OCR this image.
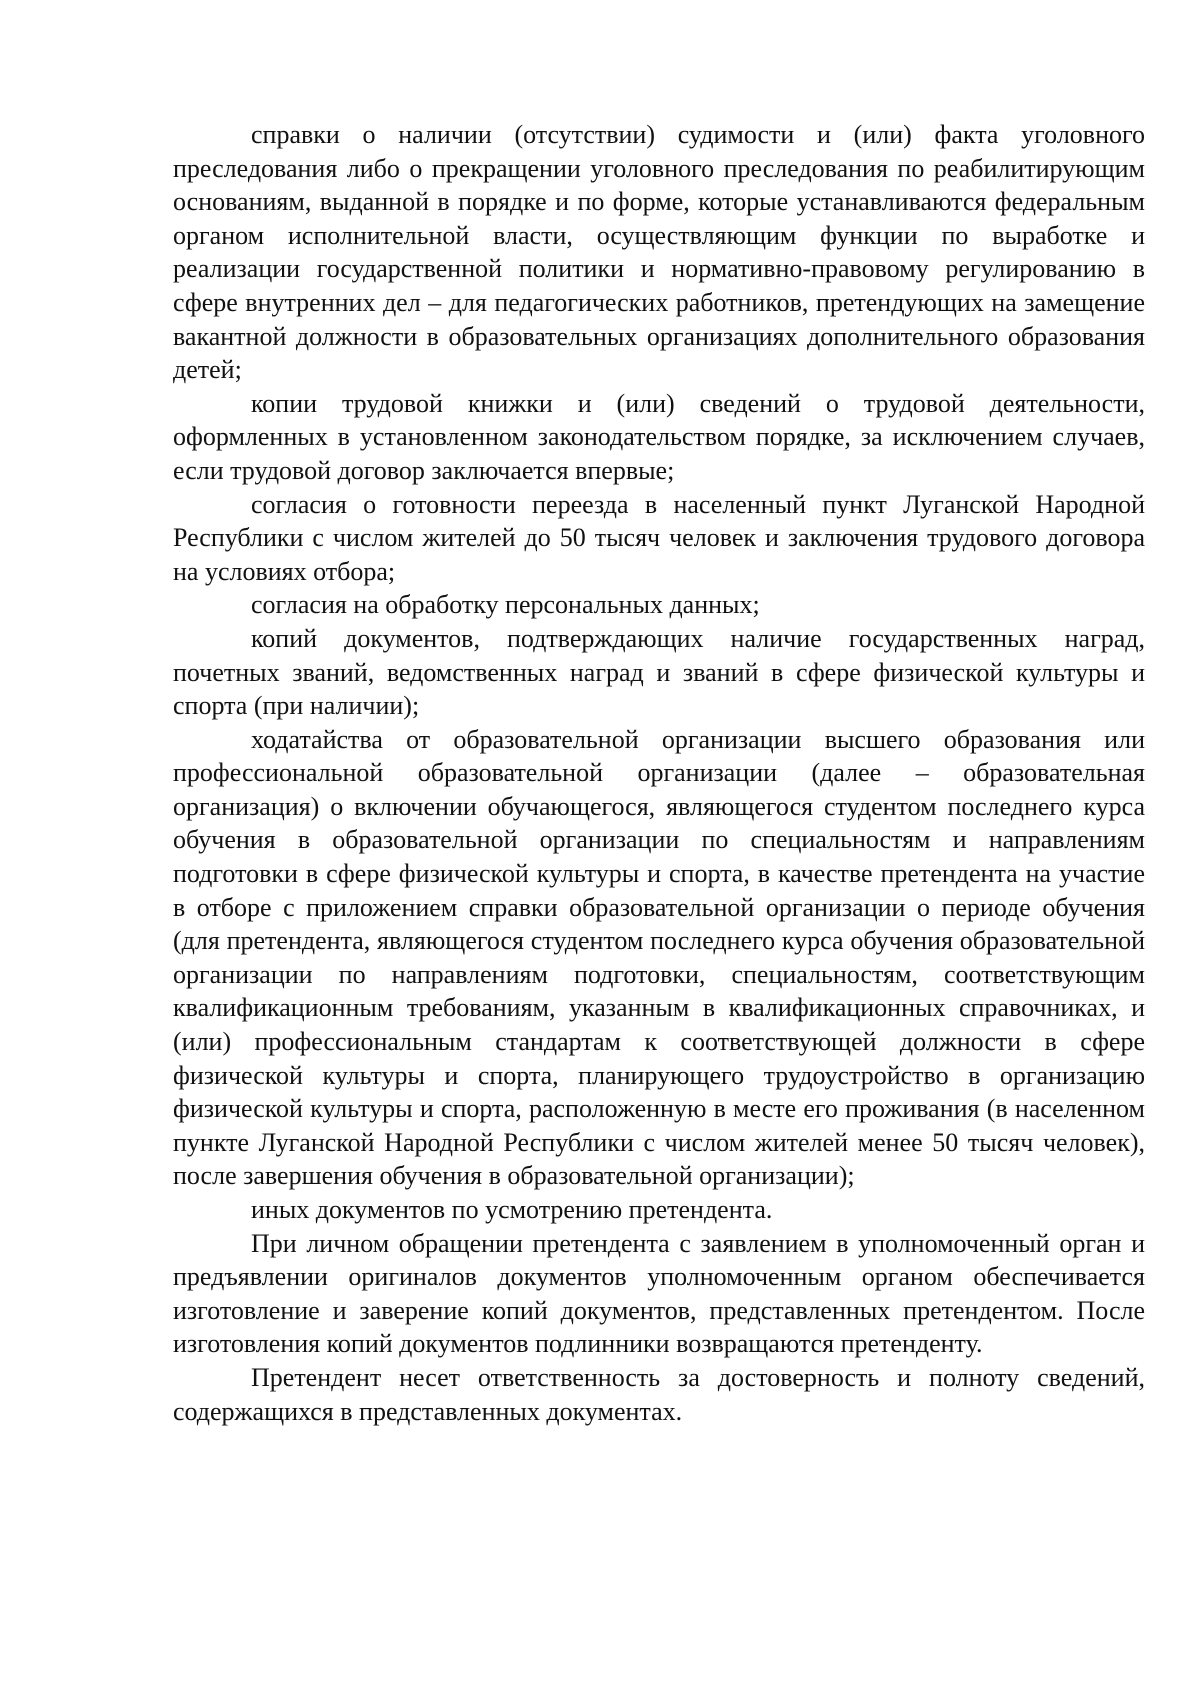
справки о наличии (отсутствии) судимости и (или) факта уголовного преследования либо о прекращении уголовного преследования по реабилитирующим основаниям, выданной в порядке и по форме, которые устанавливаются федеральным органом исполнительной власти, осуществляющим функции по выработке и реализации государственной политики и нормативно-правовому регулированию в сфере внутренних дел – для педагогических работников, претендующих на замещение вакантной должности в образовательных организациях дополнительного образования детей;

копии трудовой книжки и (или) сведений о трудовой деятельности, оформленных в установленном законодательством порядке, за исключением случаев, если трудовой договор заключается впервые;

согласия о готовности переезда в населенный пункт Луганской Народной Республики с числом жителей до 50 тысяч человек и заключения трудового договора на условиях отбора;

согласия на обработку персональных данных;

копий документов, подтверждающих наличие государственных наград, почетных званий, ведомственных наград и званий в сфере физической культуры и спорта (при наличии);

ходатайства от образовательной организации высшего образования или профессиональной образовательной организации (далее – образовательная организация) о включении обучающегося, являющегося студентом последнего курса обучения в образовательной организации по специальностям и направлениям подготовки в сфере физической культуры и спорта, в качестве претендента на участие в отборе с приложением справки образовательной организации о периоде обучения (для претендента, являющегося студентом последнего курса обучения образовательной организации по направлениям подготовки, специальностям, соответствующим квалификационным требованиям, указанным в квалификационных справочниках, и (или) профессиональным стандартам к соответствующей должности в сфере физической культуры и спорта, планирующего трудоустройство в организацию физической культуры и спорта, расположенную в месте его проживания (в населенном пункте Луганской Народной Республики с числом жителей менее 50 тысяч человек), после завершения обучения в образовательной организации);

иных документов по усмотрению претендента.

При личном обращении претендента с заявлением в уполномоченный орган и предъявлении оригиналов документов уполномоченным органом обеспечивается изготовление и заверение копий документов, представленных претендентом. После изготовления копий документов подлинники возвращаются претенденту.

Претендент несет ответственность за достоверность и полноту сведений, содержащихся в представленных документах.
